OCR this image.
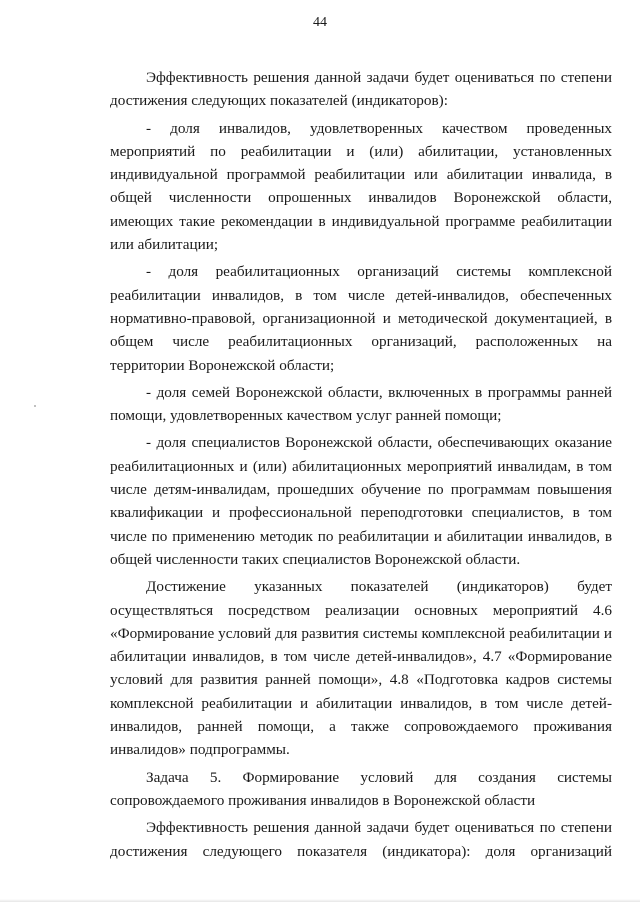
44

Эффективность решения данной задачи будет оцениваться по степени достижения следующих показателей (индикаторов):

- доля инвалидов, удовлетворенных качеством проведенных мероприятий по реабилитации и (или) абилитации, установленных индивидуальной программой реабилитации или абилитации инвалида, в общей численности опрошенных инвалидов Воронежской области, имеющих такие рекомендации в индивидуальной программе реабилитации или абилитации;

- доля реабилитационных организаций системы комплексной реабилитации инвалидов, в том числе детей-инвалидов, обеспеченных нормативно-правовой, организационной и методической документацией, в общем числе реабилитационных организаций, расположенных на территории Воронежской области;

- доля семей Воронежской области, включенных в программы ранней помощи, удовлетворенных качеством услуг ранней помощи;

- доля специалистов Воронежской области, обеспечивающих оказание реабилитационных и (или) абилитационных мероприятий инвалидам, в том числе детям-инвалидам, прошедших обучение по программам повышения квалификации и профессиональной переподготовки специалистов, в том числе по применению методик по реабилитации и абилитации инвалидов, в общей численности таких специалистов Воронежской области.

Достижение указанных показателей (индикаторов) будет осуществляться посредством реализации основных мероприятий 4.6 «Формирование условий для развития системы комплексной реабилитации и абилитации инвалидов, в том числе детей-инвалидов», 4.7 «Формирование условий для развития ранней помощи», 4.8 «Подготовка кадров системы комплексной реабилитации и абилитации инвалидов, в том числе детей-инвалидов, ранней помощи, а также сопровождаемого проживания инвалидов» подпрограммы.

Задача 5. Формирование условий для создания системы сопровождаемого проживания инвалидов в Воронежской области

Эффективность решения данной задачи будет оцениваться по степени достижения следующего показателя (индикатора): доля организаций
